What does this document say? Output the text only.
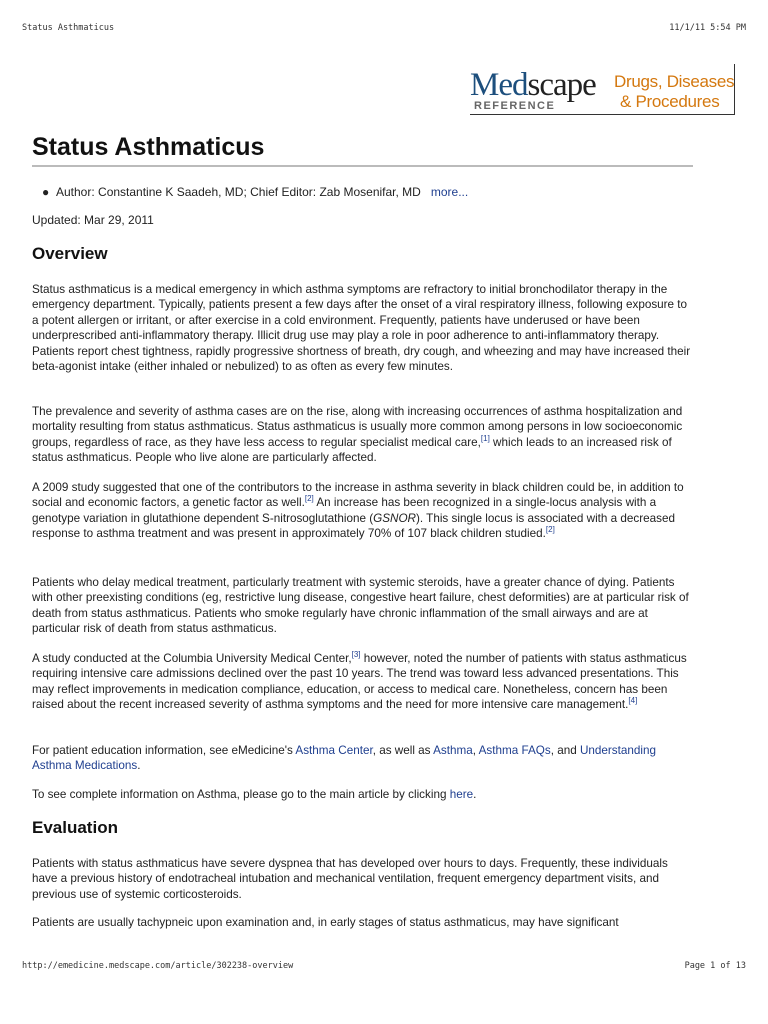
Status Asthmaticus	11/1/11 5:54 PM
Medscape
REFERENCE
Drugs, Diseases
& Procedures
Status Asthmaticus
● Author: Constantine K Saadeh, MD; Chief Editor: Zab Mosenifar, MD more...
Updated: Mar 29, 2011
Overview

Status asthmaticus is a medical emergency in which asthma symptoms are refractory to initial bronchodilator therapy in the emergency department. Typically, patients present a few days after the onset of a viral respiratory illness, following exposure to a potent allergen or irritant, or after exercise in a cold environment. Frequently, patients have underused or have been underprescribed anti-inflammatory therapy. Illicit drug use may play a role in poor adherence to anti-inflammatory therapy. Patients report chest tightness, rapidly progressive shortness of breath, dry cough, and wheezing and may have increased their beta-agonist intake (either inhaled or nebulized) to as often as every few minutes.

The prevalence and severity of asthma cases are on the rise, along with increasing occurrences of asthma hospitalization and mortality resulting from status asthmaticus. Status asthmaticus is usually more common among persons in low socioeconomic groups, regardless of race, as they have less access to regular specialist medical care,[1] which leads to an increased risk of status asthmaticus. People who live alone are particularly affected.

A 2009 study suggested that one of the contributors to the increase in asthma severity in black children could be, in addition to social and economic factors, a genetic factor as well.[2] An increase has been recognized in a single-locus analysis with a genotype variation in glutathione dependent S-nitrosoglutathione (GSNOR). This single locus is associated with a decreased response to asthma treatment and was present in approximately 70% of 107 black children studied.[2]

Patients who delay medical treatment, particularly treatment with systemic steroids, have a greater chance of dying. Patients with other preexisting conditions (eg, restrictive lung disease, congestive heart failure, chest deformities) are at particular risk of death from status asthmaticus. Patients who smoke regularly have chronic inflammation of the small airways and are at particular risk of death from status asthmaticus.

A study conducted at the Columbia University Medical Center,[3] however, noted the number of patients with status asthmaticus requiring intensive care admissions declined over the past 10 years. The trend was toward less advanced presentations. This may reflect improvements in medication compliance, education, or access to medical care. Nonetheless, concern has been raised about the recent increased severity of asthma symptoms and the need for more intensive care management.[4]

For patient education information, see eMedicine's Asthma Center, as well as Asthma, Asthma FAQs, and Understanding Asthma Medications.

To see complete information on Asthma, please go to the main article by clicking here.

Evaluation

Patients with status asthmaticus have severe dyspnea that has developed over hours to days. Frequently, these individuals have a previous history of endotracheal intubation and mechanical ventilation, frequent emergency department visits, and previous use of systemic corticosteroids.

Patients are usually tachypneic upon examination and, in early stages of status asthmaticus, may have significant

http://emedicine.medscape.com/article/302238-overview	Page 1 of 13
